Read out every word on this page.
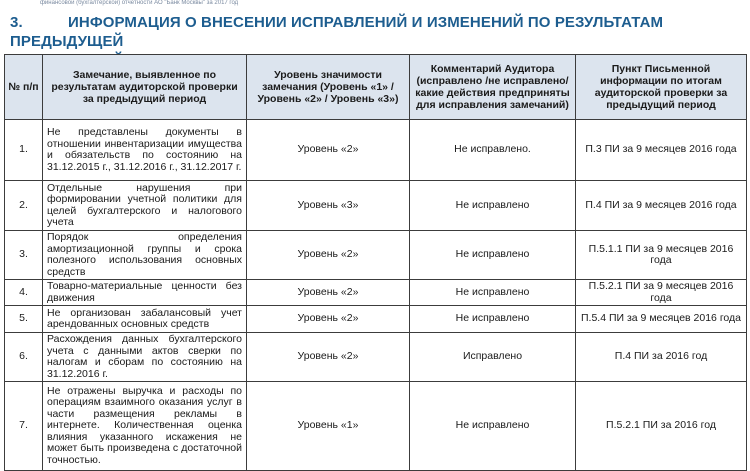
финансовой (бухгалтерской) отчетности АО "Банк Москвы" за 2017 год
3.	ИНФОРМАЦИЯ О ВНЕСЕНИИ ИСПРАВЛЕНИЙ И ИЗМЕНЕНИЙ ПО РЕЗУЛЬТАТАМ ПРЕДЫДУЩЕЙ
№ п/п	Замечание, выявленное по результатам аудиторской проверки за предыдущий период	Уровень значимости замечания (Уровень «1» / Уровень «2» / Уровень «3»)	Комментарий Аудитора (исправлено /не исправлено/какие действия предприняты для исправления замечаний)	Пункт Письменной информации по итогам аудиторской проверки за предыдущий период
1.	Не представлены документы в отношении инвентаризации имущества и обязательств по состоянию на 31.12.2015 г., 31.12.2016 г., 31.12.2017 г.	Уровень «2»	Не исправлено.	П.3 ПИ за 9 месяцев 2016 года
2.	Отдельные нарушения при формировании учетной политики для целей бухгалтерского и налогового учета	Уровень «3»	Не исправлено	П.4 ПИ за 9 месяцев 2016 года
3.	Порядок определения амортизационной группы и срока полезного использования основных средств	Уровень «2»	Не исправлено	П.5.1.1 ПИ за 9 месяцев 2016 года
4.	Товарно-материальные ценности без движения	Уровень «2»	Не исправлено	П.5.2.1 ПИ за 9 месяцев 2016 года
5.	Не организован забалансовый учет арендованных основных средств	Уровень «2»	Не исправлено	П.5.4 ПИ за 9 месяцев 2016 года
6.	Расхождения данных бухгалтерского учета с данными актов сверки по налогам и сборам по состоянию на 31.12.2016 г.	Уровень «2»	Исправлено	П.4 ПИ за 2016 год
7.	Не отражены выручка и расходы по операциям взаимного оказания услуг в части размещения рекламы в интернете. Количественная оценка влияния указанного искажения не может быть произведена с достаточной точностью.	Уровень «1»	Не исправлено	П.5.2.1 ПИ за 2016 год
